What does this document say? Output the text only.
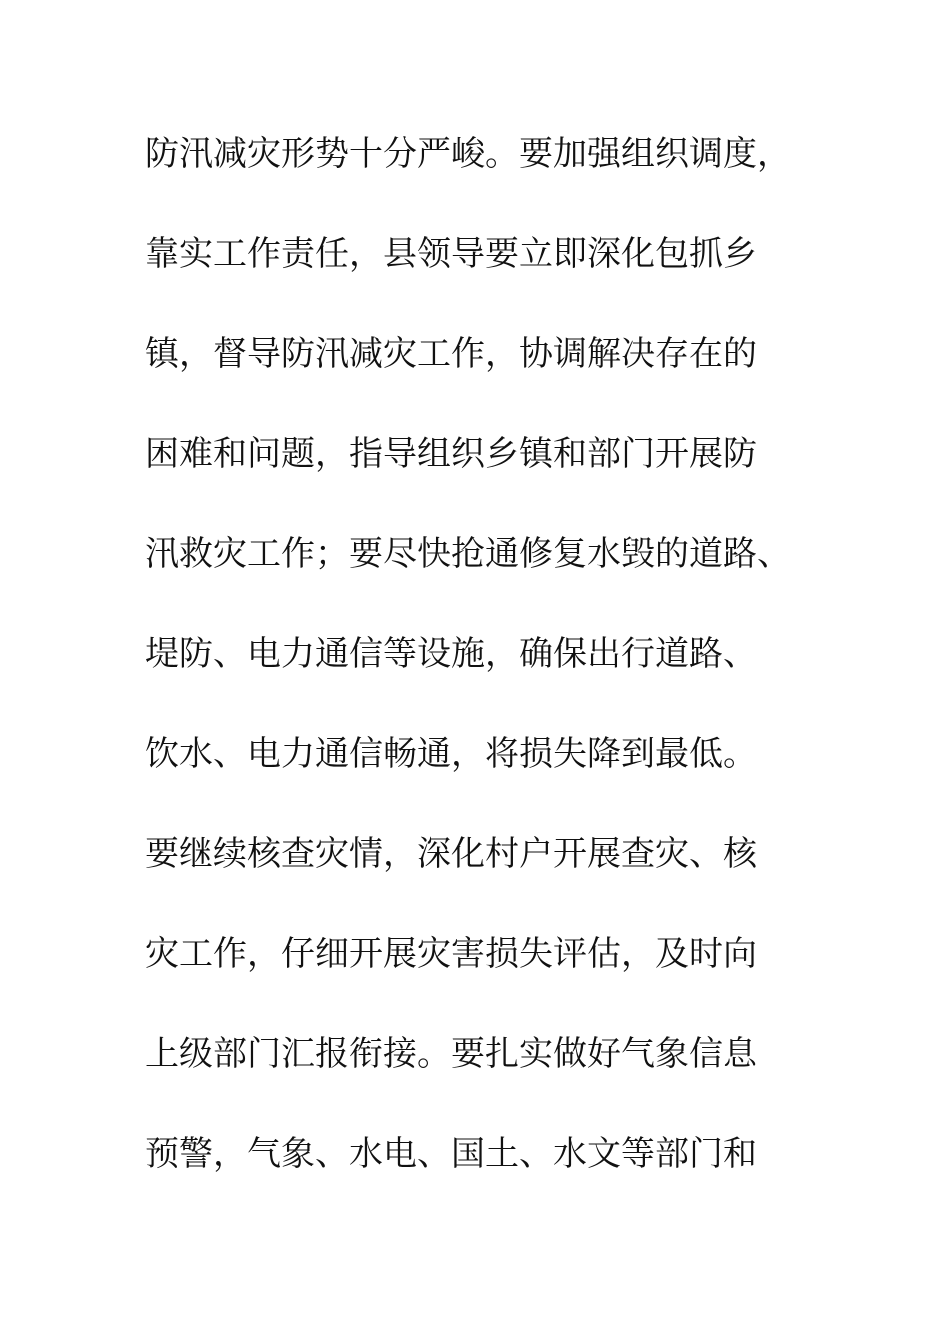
防汛减灾形势十分严峻。要加强组织调度，
靠实工作责任，县领导要立即深化包抓乡
镇，督导防汛减灾工作，协调解决存在的
困难和问题，指导组织乡镇和部门开展防
汛救灾工作；要尽快抢通修复水毁的道路、
堤防、电力通信等设施，确保出行道路、
饮水、电力通信畅通，将损失降到最低。
要继续核查灾情，深化村户开展查灾、核
灾工作，仔细开展灾害损失评估，及时向
上级部门汇报衔接。要扎实做好气象信息
预警，气象、水电、国土、水文等部门和
